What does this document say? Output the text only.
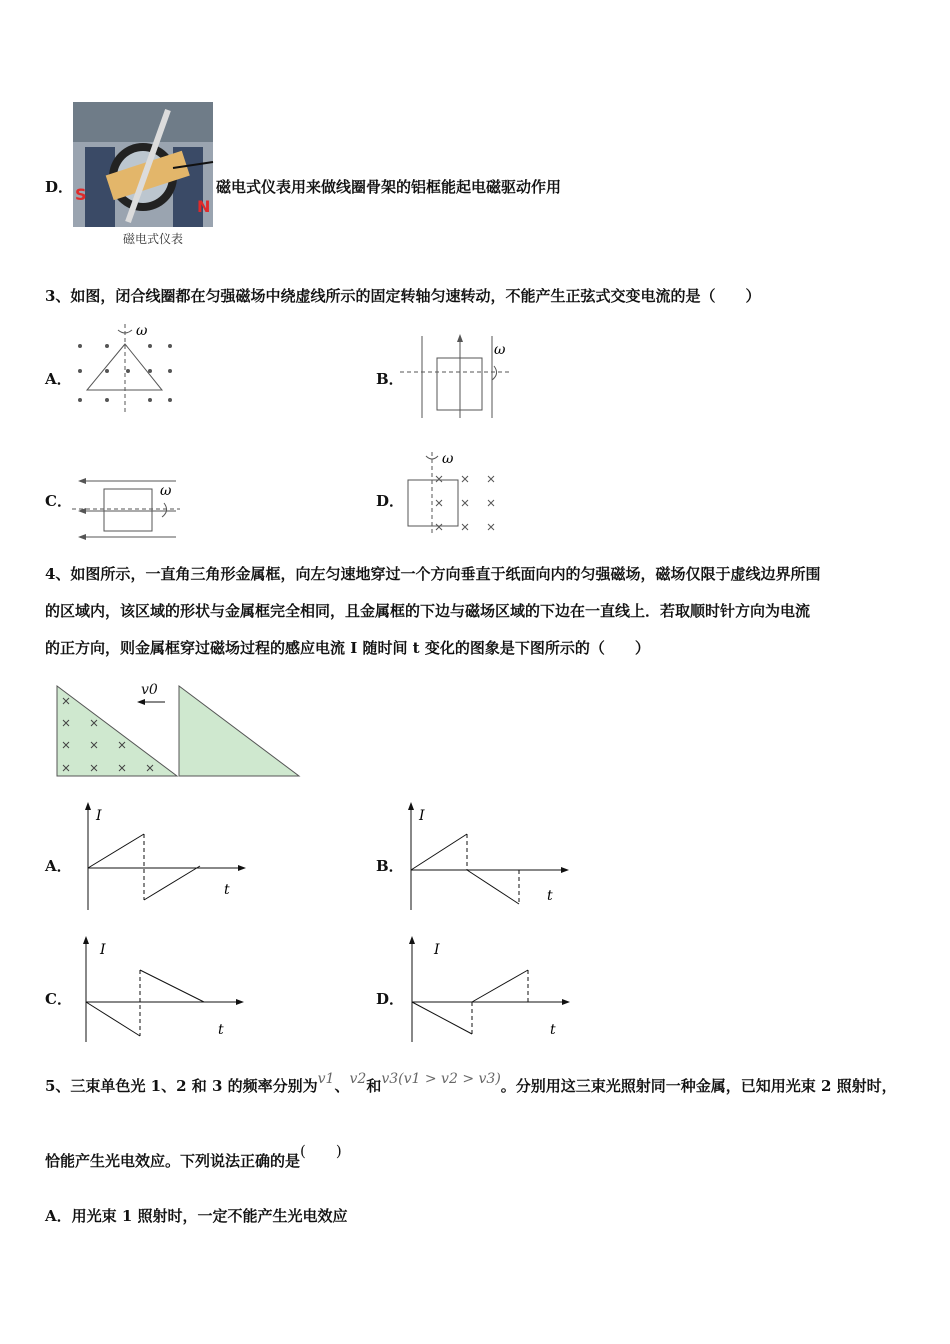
D． S
N
磁电式仪表
磁电式仪表用来做线圈骨架的铝框能起电磁驱动作用
3、如图，闭合线圈都在匀强磁场中绕虚线所示的固定转轴匀速转动，不能产生正弦式交变电流的是（　　）
A．
ω
B．
ω
C．
ω
D．
ω
4、如图所示，一直角三角形金属框，向左匀速地穿过一个方向垂直于纸面向内的匀强磁场，磁场仅限于虚线边界所围
的区域内，该区域的形状与金属框完全相同，且金属框的下边与磁场区域的下边在一直线上．若取顺时针方向为电流
的正方向，则金属框穿过磁场过程的感应电流 I 随时间 t 变化的图象是下图所示的（　　）
v0
A．
I
t
B．
I
t
C．
I
t
D．
I
t
5、三束单色光 1、2 和 3 的频率分别为v1、v2和v3(v1 > v2 > v3)。分别用这三束光照射同一种金属，已知用光束 2 照射时，
恰能产生光电效应。下列说法正确的是(　　)
A．用光束 1 照射时，一定不能产生光电效应
